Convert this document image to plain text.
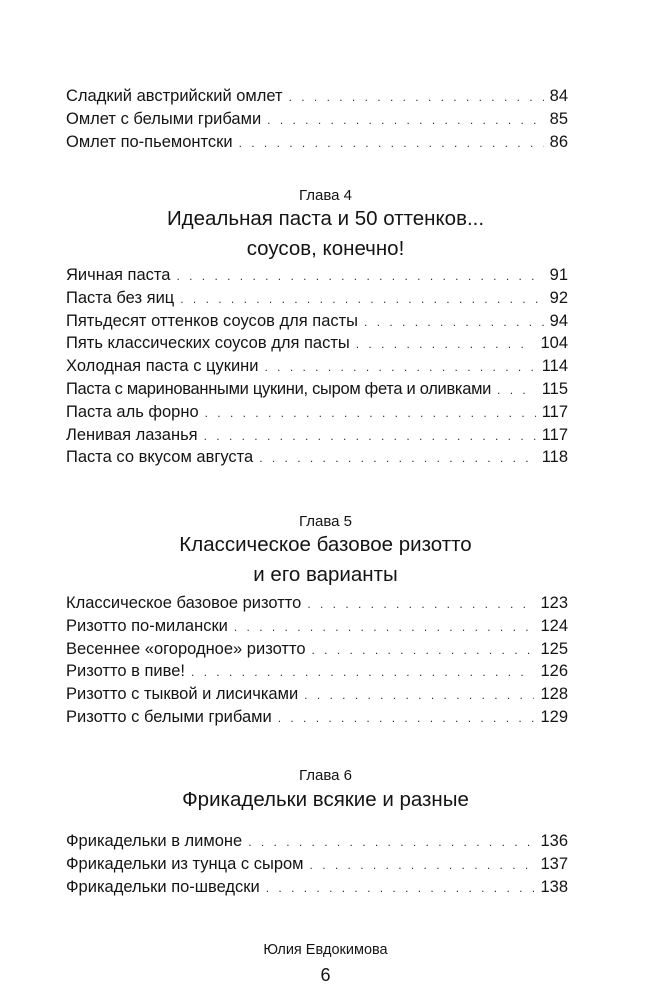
Сладкий австрийский омлет . . .	84
Омлет с белыми грибами . . .	85
Омлет по-пьемонтски . . .	86
Глава 4
Идеальная паста и 50 оттенков...
соусов, конечно!
Яичная паста . . .	91
Паста без яиц . . .	92
Пятьдесят оттенков соусов для пасты . . .	94
Пять классических соусов для пасты . . .	104
Холодная паста с цукини . . .	114
Паста с маринованными цукини, сыром фета и оливками . . .	115
Паста аль форно . . .	117
Ленивая лазанья . . .	117
Паста со вкусом августа . . .	118
Глава 5
Классическое базовое ризотто
и его варианты
Классическое базовое ризотто . . .	123
Ризотто по-милански . . .	124
Весеннее «огородное» ризотто . . .	125
Ризотто в пиве! . . .	126
Ризотто с тыквой и лисичками . . .	128
Ризотто с белыми грибами . . .	129
Глава 6
Фрикадельки всякие и разные
Фрикадельки в лимоне . . .	136
Фрикадельки из тунца с сыром . . .	137
Фрикадельки по-шведски . . .	138
Юлия Евдокимова
6
